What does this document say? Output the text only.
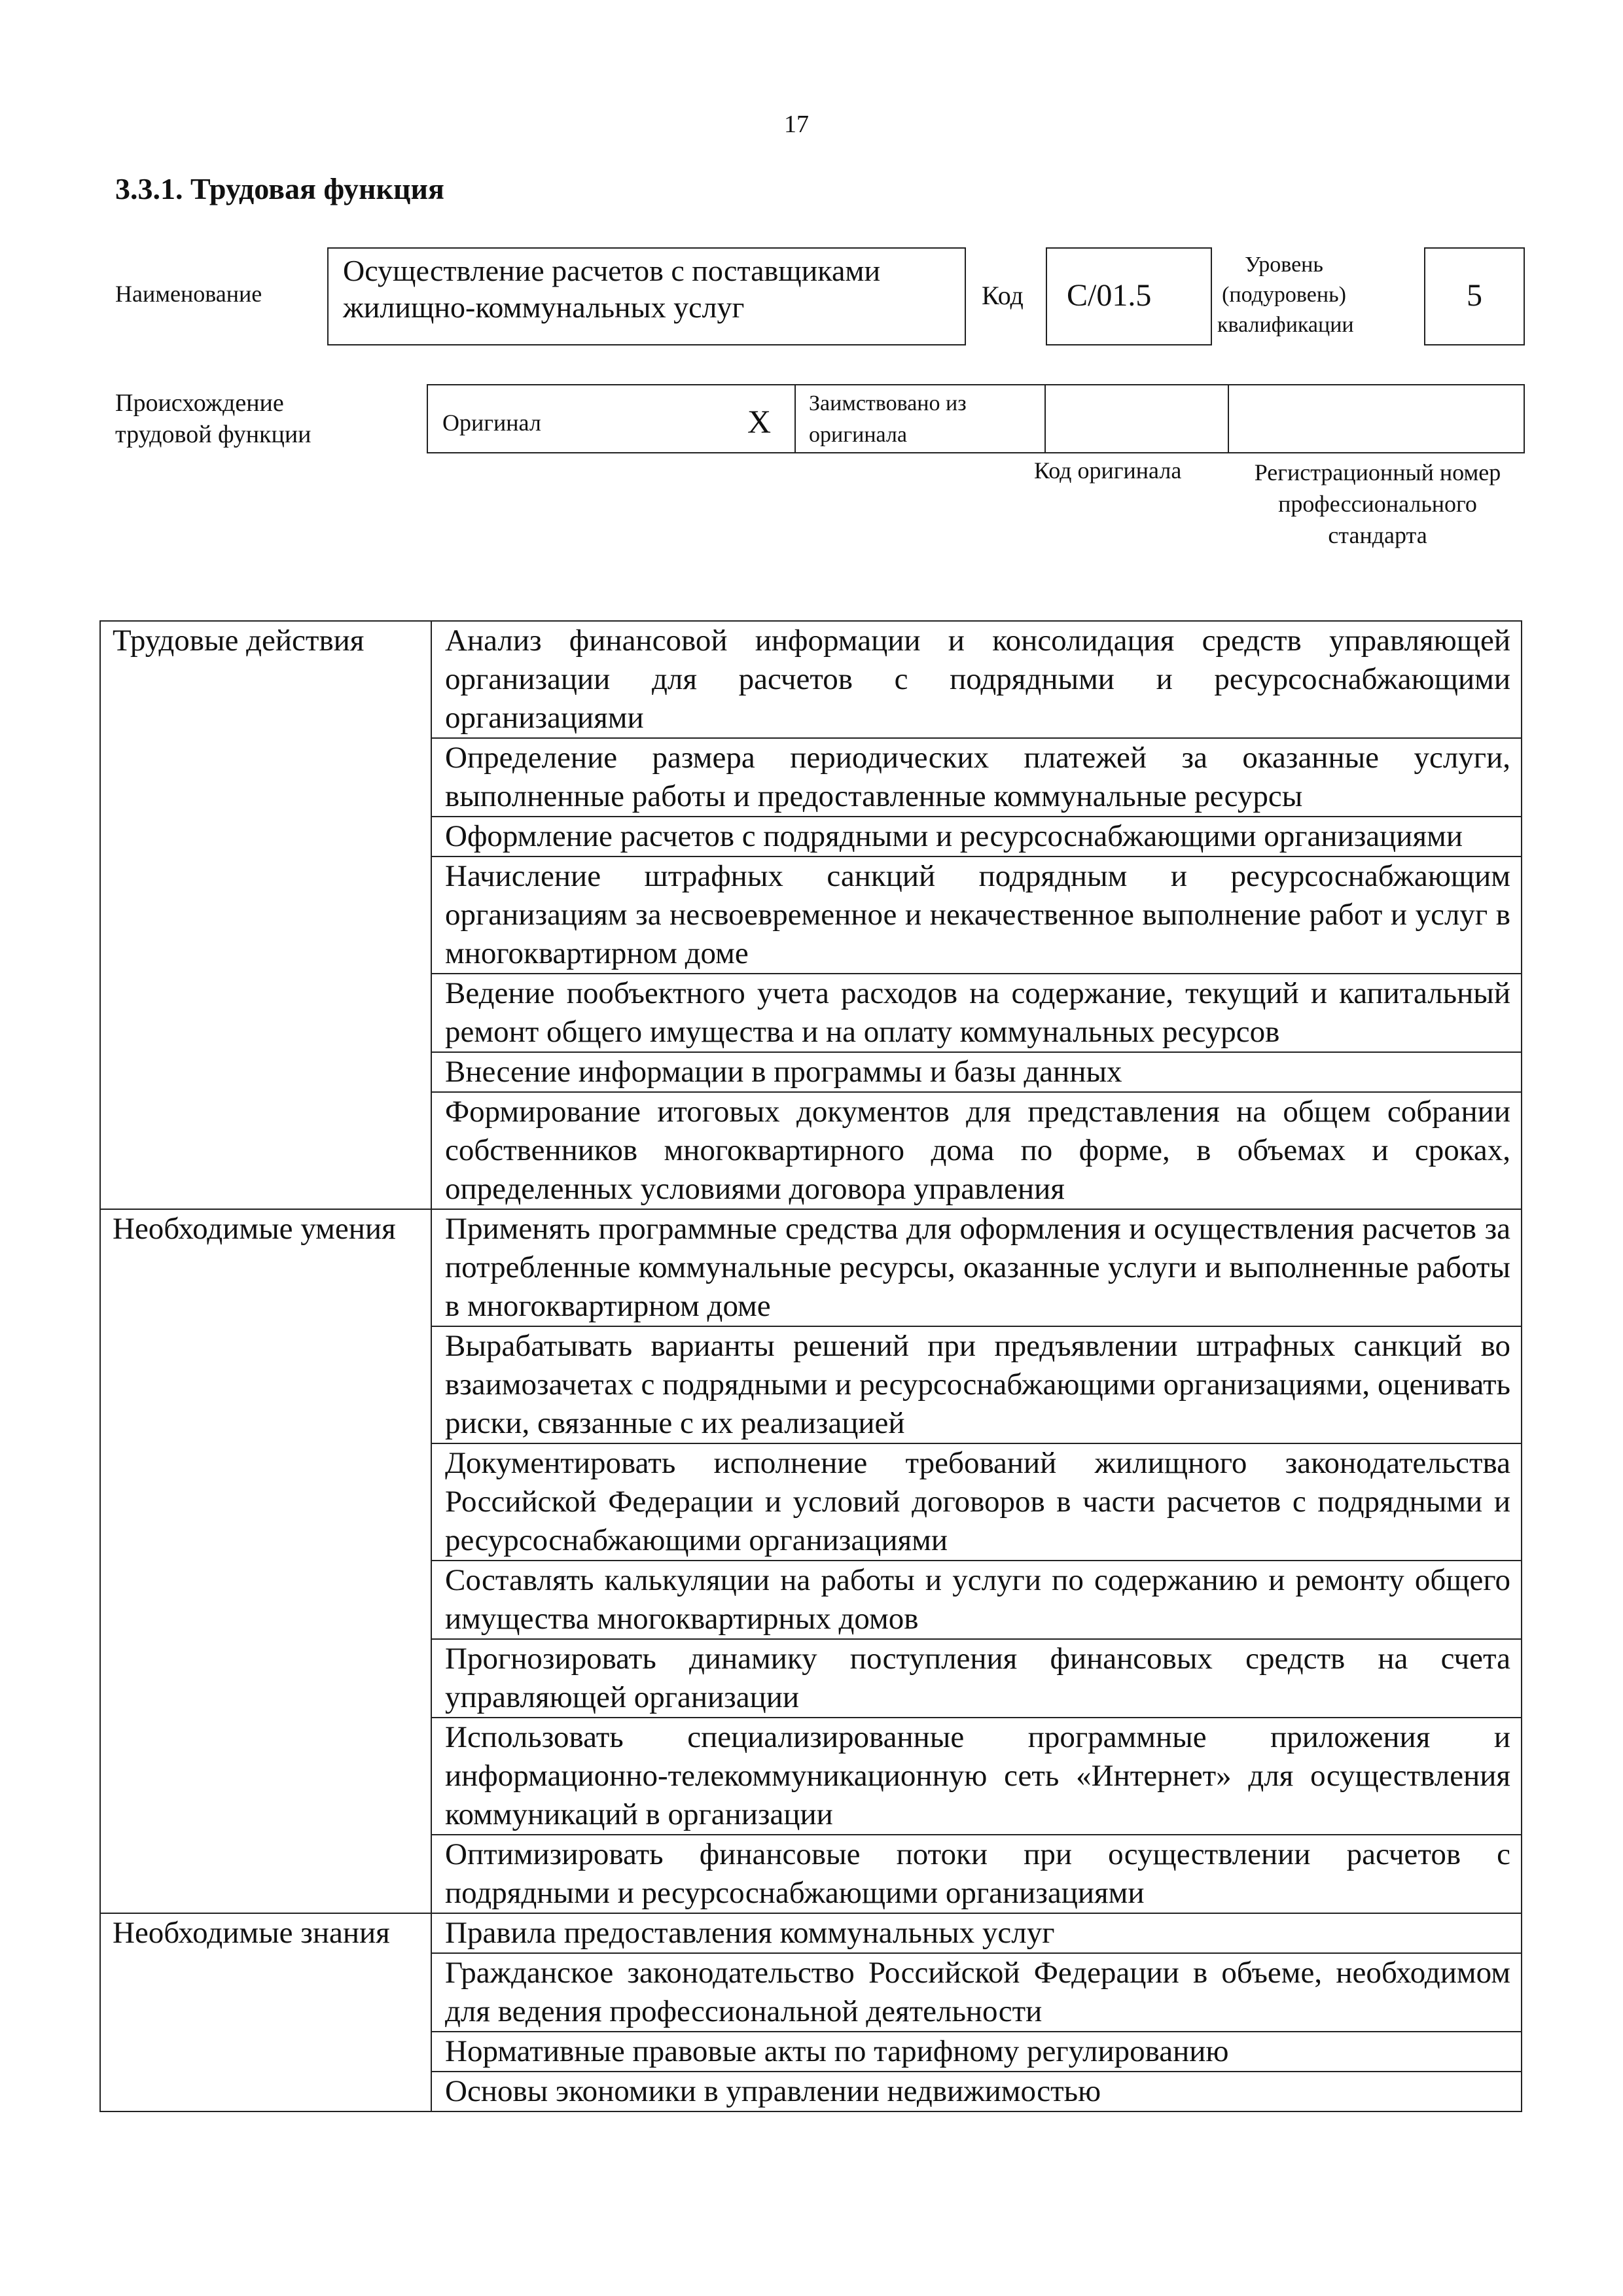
17
3.3.1. Трудовая функция
Наименование
Осуществление расчетов с поставщиками жилищно-коммунальных услуг	Код	С/01.5
Уровень (подуровень) квалификации
5
Происхождение трудовой функции	Оригинал	Х Заимствовано из оригинала
Код оригинала	Регистрационный номер профессионального стандарта
Трудовые действия	Анализ финансовой информации и консолидация средств управляющей организации для расчетов с подрядными и ресурсоснабжающими организациями
	Определение размера периодических платежей за оказанные услуги, выполненные работы и предоставленные коммунальные ресурсы
	Оформление расчетов с подрядными и ресурсоснабжающими организациями
	Начисление штрафных санкций подрядным и ресурсоснабжающим организациям за несвоевременное и некачественное выполнение работ и услуг в многоквартирном доме
	Ведение пообъектного учета расходов на содержание, текущий и капитальный ремонт общего имущества и на оплату коммунальных ресурсов
	Внесение информации в программы и базы данных
	Формирование итоговых документов для представления на общем собрании собственников многоквартирного дома по форме, в объемах и сроках, определенных условиями договора управления
Необходимые умения	Применять программные средства для оформления и осуществления расчетов за потребленные коммунальные ресурсы, оказанные услуги и выполненные работы в многоквартирном доме
	Вырабатывать варианты решений при предъявлении штрафных санкций во взаимозачетах с подрядными и ресурсоснабжающими организациями, оценивать риски, связанные с их реализацией
	Документировать исполнение требований жилищного законодательства Российской Федерации и условий договоров в части расчетов с подрядными и ресурсоснабжающими организациями
	Составлять калькуляции на работы и услуги по содержанию и ремонту общего имущества многоквартирных домов
	Прогнозировать динамику поступления финансовых средств на счета управляющей организации
	Использовать специализированные программные приложения и информационно-телекоммуникационную сеть «Интернет» для осуществления коммуникаций в организации
	Оптимизировать финансовые потоки при осуществлении расчетов с подрядными и ресурсоснабжающими организациями
Необходимые знания	Правила предоставления коммунальных услуг
	Гражданское законодательство Российской Федерации в объеме, необходимом для ведения профессиональной деятельности
	Нормативные правовые акты по тарифному регулированию
	Основы экономики в управлении недвижимостью
